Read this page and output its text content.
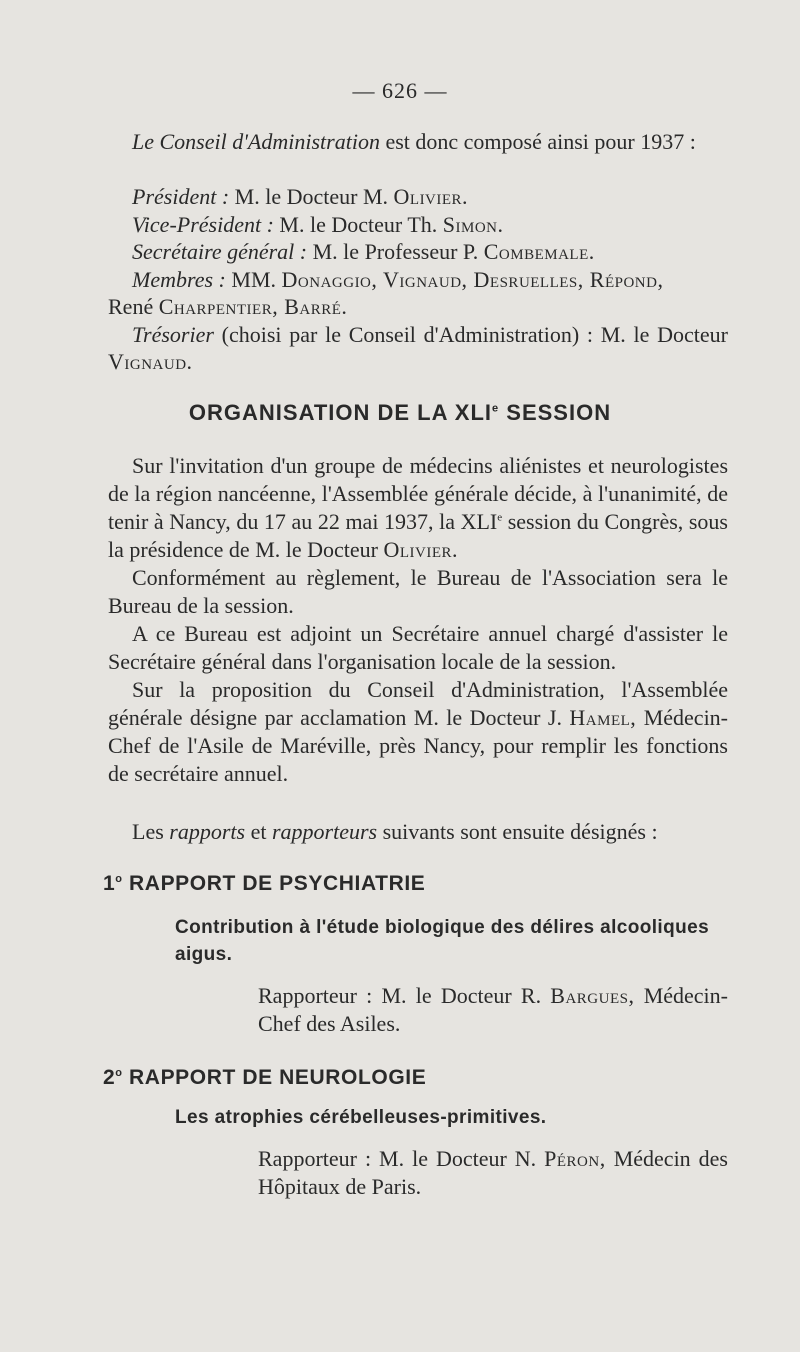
— 626 —
Le Conseil d'Administration est donc composé ainsi pour 1937 :
Président : M. le Docteur M. Olivier.
Vice-Président : M. le Docteur Th. Simon.
Secrétaire général : M. le Professeur P. Combemale.
Membres : MM. Donaggio, Vignaud, Desruelles, Répond,
René Charpentier, Barré.
Trésorier (choisi par le Conseil d'Administration) : M. le Docteur Vignaud.
ORGANISATION DE LA XLIe SESSION
Sur l'invitation d'un groupe de médecins aliénistes et neurologistes de la région nancéenne, l'Assemblée générale décide, à l'unanimité, de tenir à Nancy, du 17 au 22 mai 1937, la XLIe session du Congrès, sous la présidence de M. le Docteur Olivier.
Conformément au règlement, le Bureau de l'Association sera le Bureau de la session.
A ce Bureau est adjoint un Secrétaire annuel chargé d'assister le Secrétaire général dans l'organisation locale de la session.
Sur la proposition du Conseil d'Administration, l'Assemblée générale désigne par acclamation M. le Docteur J. Hamel, Médecin-Chef de l'Asile de Maréville, près Nancy, pour remplir les fonctions de secrétaire annuel.
Les rapports et rapporteurs suivants sont ensuite désignés :
1$^o$ RAPPORT DE PSYCHIATRIE
Contribution à l'étude biologique des délires alcooliques aigus.
Rapporteur : M. le Docteur R. Bargues, Médecin-Chef des Asiles.
2$^o$ RAPPORT DE NEUROLOGIE
Les atrophies cérébelleuses-primitives.
Rapporteur : M. le Docteur N. Péron, Médecin des Hôpitaux de Paris.
